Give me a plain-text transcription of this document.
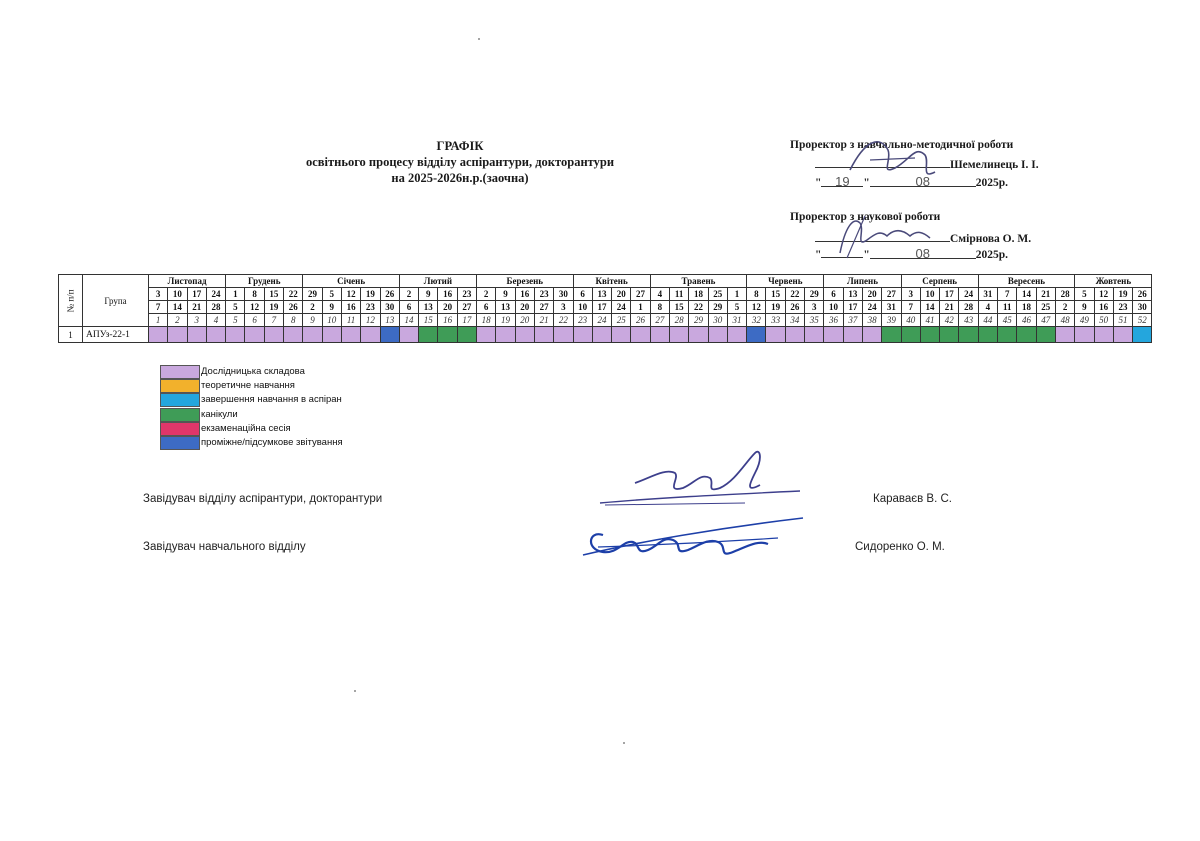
ГРАФІК
освітнього процесу відділу аспірантури, докторантури
на 2025-2026н.р.(заочна)
Проректор з навчально-методичної роботи
Шемелинець І. І.
" 19 "	08	2025р.
Проректор з наукової роботи
Смірнова О. М.
"	"	08	2025р.
№ п/п	Група	Листопад				Грудень				Січень					Лютий				Березень					Квітень				Травень					Червень				Липень				Серпень				Вересень					Жовтень			
		3	10	17	24	1	8	15	22	29	5	12	19	26	2	9	16	23	2	9	16	23	30	6	13	20	27	4	11	18	25	1	8	15	22	29	6	13	20	27	3	10	17	24	31	7	14	21	28	5	12	19	26
		7	14	21	28	5	12	19	26	2	9	16	23	30	6	13	20	27	6	13	20	27	3	10	17	24	1	8	15	22	29	5	12	19	26	3	10	17	24	31	7	14	21	28	4	11	18	25	2	9	16	23	30
		1	2	3	4	5	6	7	8	9	10	11	12	13	14	15	16	17	18	19	20	21	22	23	24	25	26	27	28	29	30	31	32	33	34	35	36	37	38	39	40	41	42	43	44	45	46	47	48	49	50	51	52
1	АПУз-22-1																																																				
Дослідницька складова
теоретичне навчання
завершення навчання в аспіран
канікули
екзаменаційна сесія
проміжне/підсумкове звітування
Завідувач відділу аспірантури, докторантури	Караваєв В. С.
Завідувач навчального відділу	Сидоренко О. М.
